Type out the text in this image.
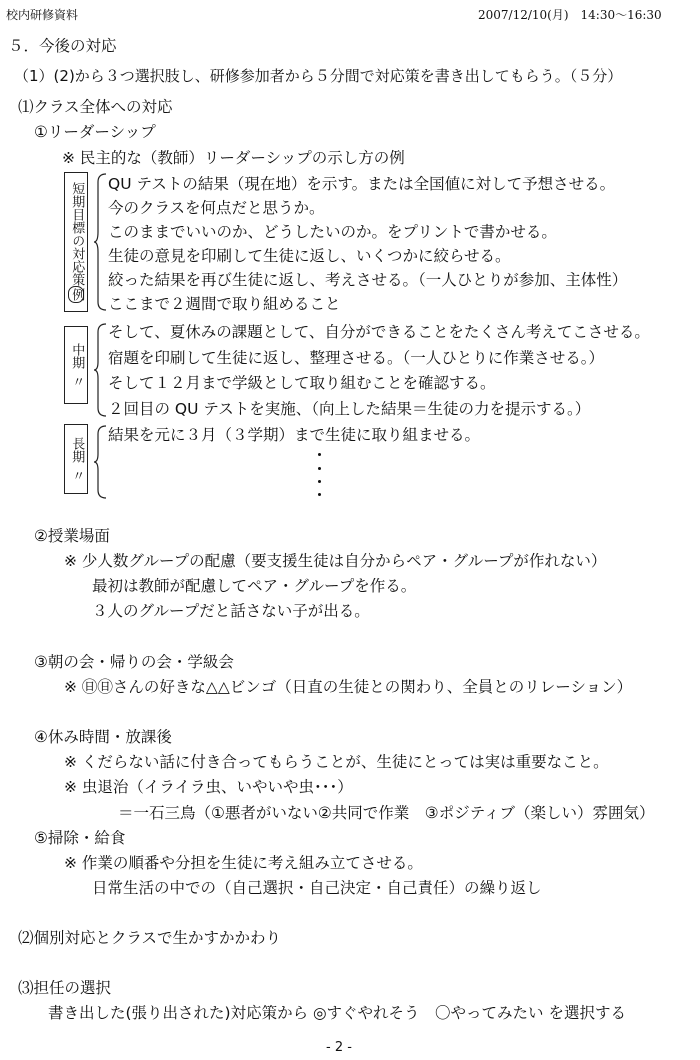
校内研修資料	2007/12/10(月)　14:30〜16:30
５．今後の対応
（1）(2)から３つ選択肢し、研修参加者から５分間で対応策を書き出してもらう。（５分）
⑴クラス全体への対応
①リーダーシップ
※ 民主的な（教師）リーダーシップの示し方の例
短期目標の対応策
例
QU テストの結果（現在地）を示す。または全国値に対して予想させる。
今のクラスを何点だと思うか。
このままでいいのか、どうしたいのか。をプリントで書かせる。
生徒の意見を印刷して生徒に返し、いくつかに絞らせる。
絞った結果を再び生徒に返し、考えさせる。（一人ひとりが参加、主体性）
ここまで２週間で取り組めること
中期
〃
そして、夏休みの課題として、自分ができることをたくさん考えてこさせる。
宿題を印刷して生徒に返し、整理させる。（一人ひとりに作業させる。）
そして１２月まで学級として取り組むことを確認する。
２回目の QU テストを実施、（向上した結果＝生徒の力を提示する。）
長期
〃
結果を元に３月（３学期）まで生徒に取り組ませる。
②授業場面
※ 少人数グループの配慮（要支援生徒は自分からペア・グループが作れない）
最初は教師が配慮してペア・グループを作る。
３人のグループだと話さない子が出る。
③朝の会・帰りの会・学級会
※ ㊐㊐さんの好きな△△ビンゴ（日直の生徒との関わり、全員とのリレーション）
④休み時間・放課後
※ くだらない話に付き合ってもらうことが、生徒にとっては実は重要なこと。
※ 虫退治（イライラ虫、いやいや虫･･･）
＝一石三鳥（①悪者がいない②共同で作業　③ポジティブ（楽しい）雰囲気）
⑤掃除・給食
※ 作業の順番や分担を生徒に考え組み立てさせる。
日常生活の中での（自己選択・自己決定・自己責任）の繰り返し
⑵個別対応とクラスで生かすかかわり
⑶担任の選択
書き出した(張り出された)対応策から ◎すぐやれそう　〇やってみたい を選択する
- 2 -
